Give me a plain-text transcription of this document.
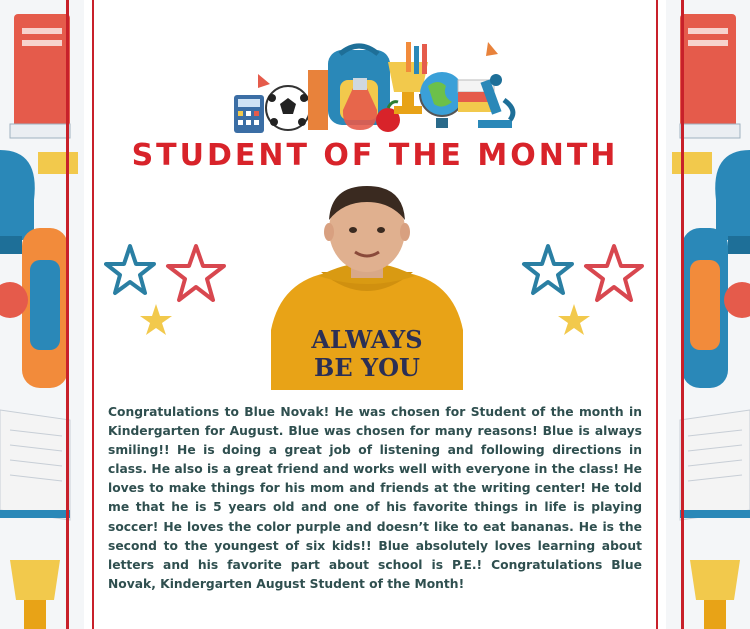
STUDENT OF THE MONTH
ALWAYS
BE YOU
Congratulations to Blue Novak! He was chosen for Student of the month in Kindergarten for August. Blue was chosen for many reasons! Blue is always smiling!! He is doing a great job of listening and following directions in class. He also is a great friend and works well with everyone in the class! He loves to make things for his mom and friends at the writing center! He told me that he is 5 years old and one of his favorite things in life is playing soccer! He loves the color purple and doesn’t like to eat bananas. He is the second to the youngest of six kids!! Blue absolutely loves learning about letters and his favorite part about school is P.E.! Congratulations Blue Novak, Kindergarten August Student of the Month!
